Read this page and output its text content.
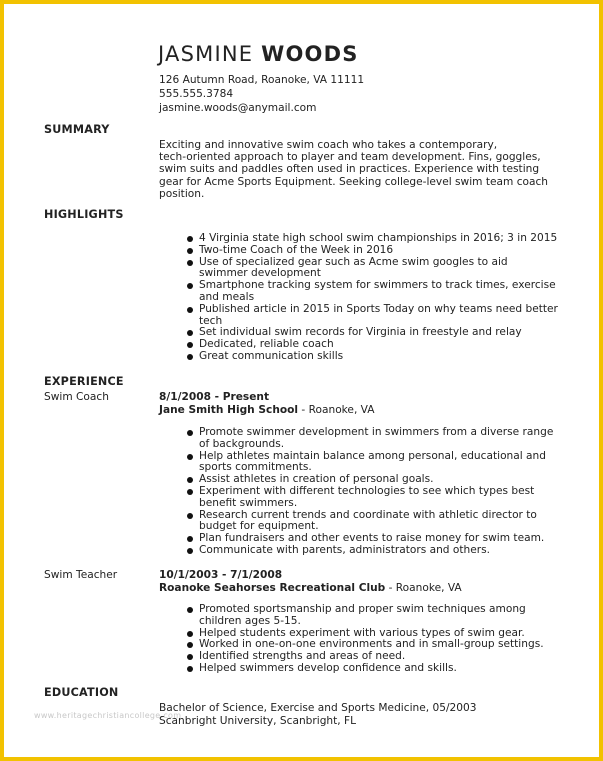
JASMINE WOODS
126 Autumn Road, Roanoke, VA 11111
555.555.3784
jasmine.woods@anymail.com
SUMMARY
Exciting and innovative swim coach who takes a contemporary,
tech-oriented approach to player and team development. Fins, goggles,
swim suits and paddles often used in practices. Experience with testing
gear for Acme Sports Equipment. Seeking college-level swim team coach
position.
HIGHLIGHTS
4 Virginia state high school swim championships in 2016; 3 in 2015
Two-time Coach of the Week in 2016
Use of specialized gear such as Acme swim googles to aid
swimmer development
Smartphone tracking system for swimmers to track times, exercise
and meals
Published article in 2015 in Sports Today on why teams need better
tech
Set individual swim records for Virginia in freestyle and relay
Dedicated, reliable coach
Great communication skills
EXPERIENCE
Swim Coach	8/1/2008 - Present
Jane Smith High School - Roanoke, VA
Promote swimmer development in swimmers from a diverse range
of backgrounds.
Help athletes maintain balance among personal, educational and
sports commitments.
Assist athletes in creation of personal goals.
Experiment with different technologies to see which types best
benefit swimmers.
Research current trends and coordinate with athletic director to
budget for equipment.
Plan fundraisers and other events to raise money for swim team.
Communicate with parents, administrators and others.
Swim Teacher	10/1/2003 - 7/1/2008
Roanoke Seahorses Recreational Club - Roanoke, VA
Promoted sportsmanship and proper swim techniques among
children ages 5-15.
Helped students experiment with various types of swim gear.
Worked in one-on-one environments and in small-group settings.
Identified strengths and areas of need.
Helped swimmers develop confidence and skills.
EDUCATION
Bachelor of Science, Exercise and Sports Medicine, 05/2003
Scanbright University, Scanbright, FL
www.heritagechristiancollege.com
